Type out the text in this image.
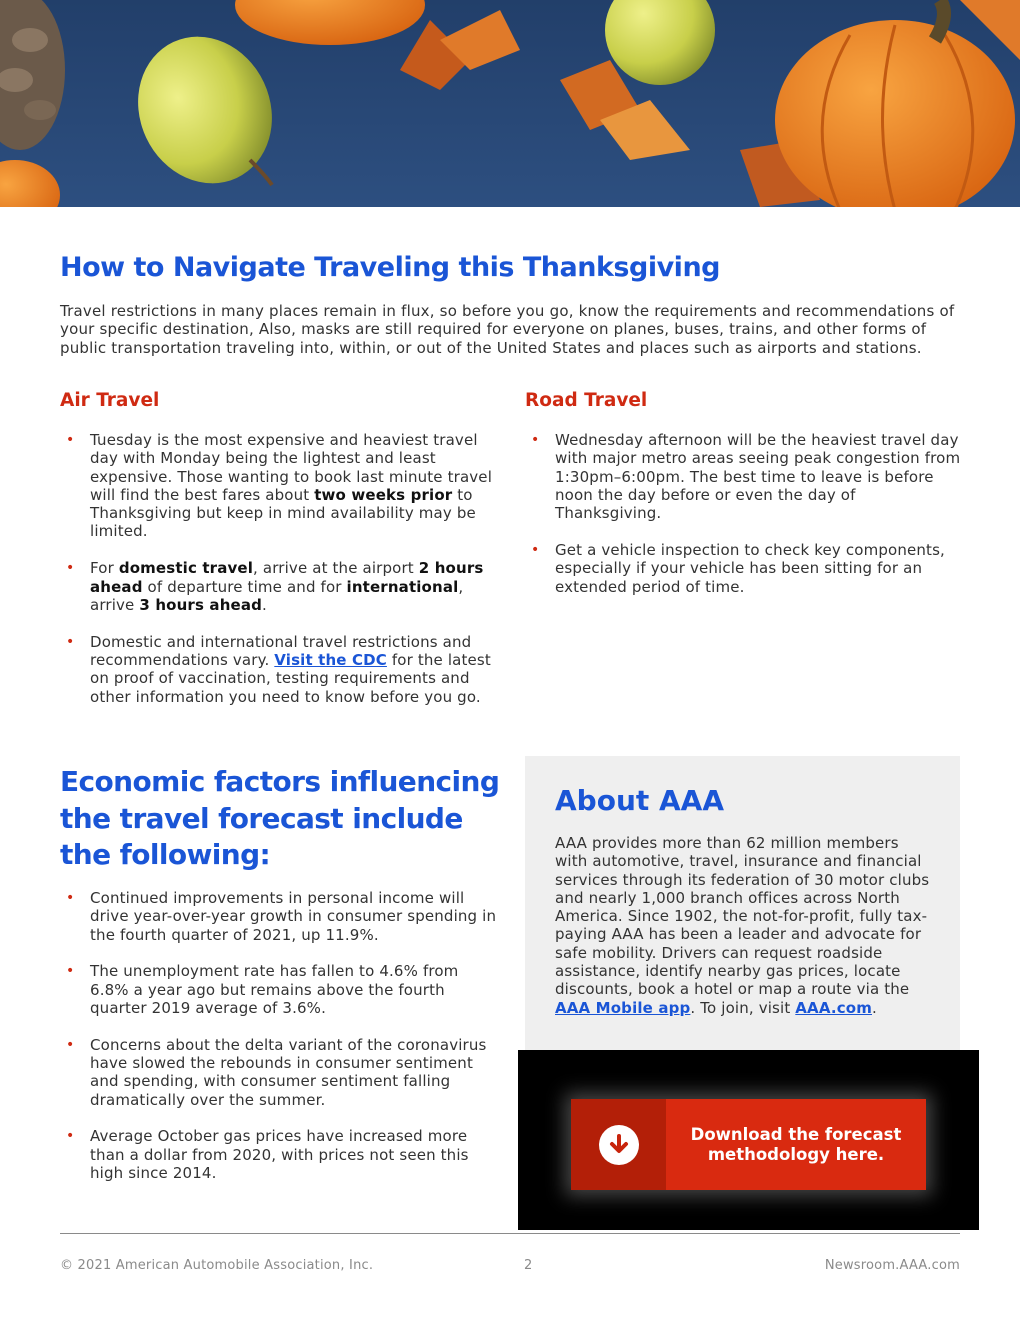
How to Navigate Traveling this Thanksgiving

Travel restrictions in many places remain in flux, so before you go, know the requirements and recommendations of your specific destination, Also, masks are still required for everyone on planes, buses, trains, and other forms of public transportation traveling into, within, or out of the United States and places such as airports and stations.

Air Travel
• Tuesday is the most expensive and heaviest travel day with Monday being the lightest and least expensive. Those wanting to book last minute travel will find the best fares about two weeks prior to Thanksgiving but keep in mind availability may be limited.
• For domestic travel, arrive at the airport 2 hours ahead of departure time and for international, arrive 3 hours ahead.
• Domestic and international travel restrictions and recommendations vary. Visit the CDC for the latest on proof of vaccination, testing requirements and other information you need to know before you go.
Road Travel
• Wednesday afternoon will be the heaviest travel day with major metro areas seeing peak congestion from 1:30pm–6:00pm. The best time to leave is before noon the day before or even the day of Thanksgiving.
• Get a vehicle inspection to check key components, especially if your vehicle has been sitting for an extended period of time.
Economic factors influencing the travel forecast include the following:
• Continued improvements in personal income will drive year-over-year growth in consumer spending in the fourth quarter of 2021, up 11.9%.
• The unemployment rate has fallen to 4.6% from 6.8% a year ago but remains above the fourth quarter 2019 average of 3.6%.
• Concerns about the delta variant of the coronavirus have slowed the rebounds in consumer sentiment and spending, with consumer sentiment falling dramatically over the summer.
• Average October gas prices have increased more than a dollar from 2020, with prices not seen this high since 2014.
About AAA

AAA provides more than 62 million members with automotive, travel, insurance and financial services through its federation of 30 motor clubs and nearly 1,000 branch offices across North America. Since 1902, the not-for-profit, fully tax-paying AAA has been a leader and advocate for safe mobility. Drivers can request roadside assistance, identify nearby gas prices, locate discounts, book a hotel or map a route via the AAA Mobile app. To join, visit AAA.com.

Download the forecast methodology here.
© 2021 American Automobile Association, Inc.	2	Newsroom.AAA.com
